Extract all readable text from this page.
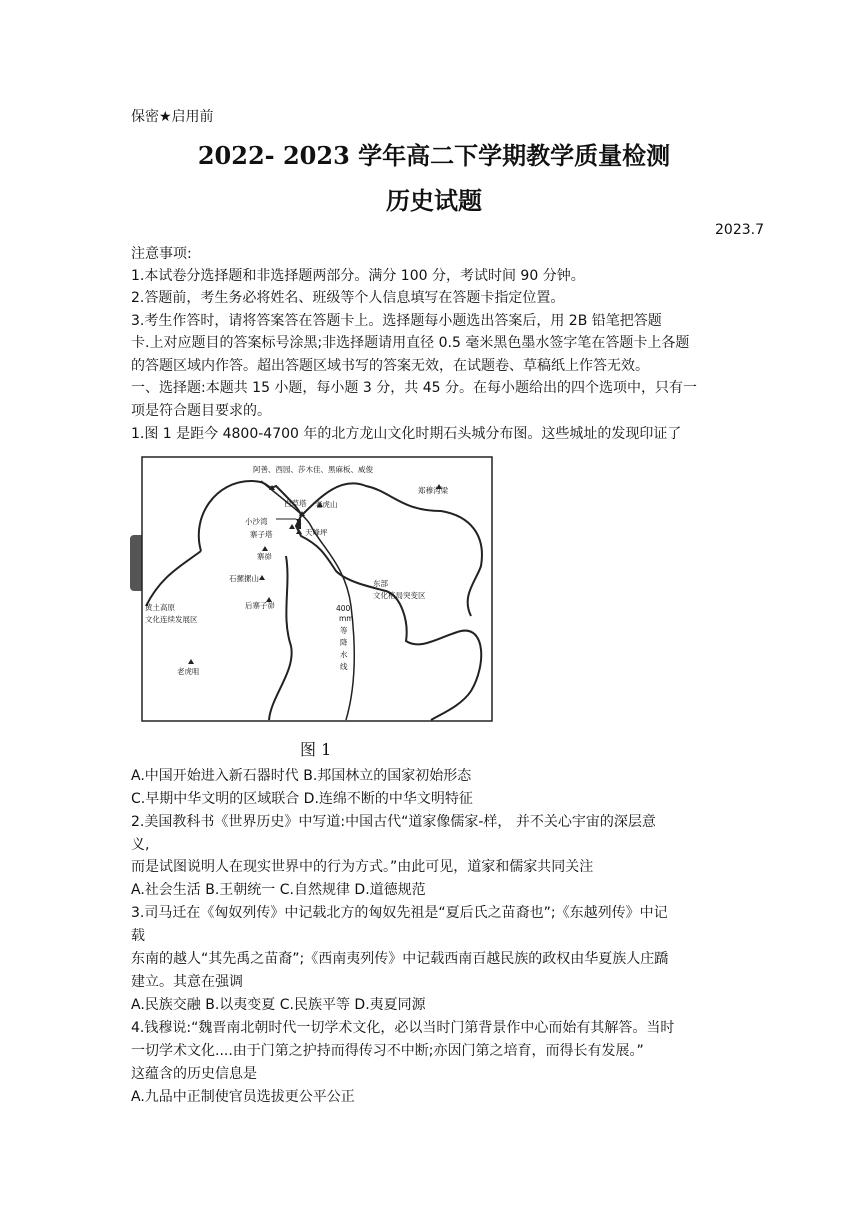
保密★启用前
2022- 2023 学年高二下学期教学质量检测
历史试题
2023.7
注意事项:
1.本试卷分选择题和非选择题两部分。满分 100 分，考试时间 90 分钟。
2.答题前，考生务必将姓名、班级等个人信息填写在答题卡指定位置。
3.考生作答时，请将答案答在答题卡上。选择题每小题选出答案后，用 2B 铅笔把答题
卡.上对应题目的答案标号涂黑;非选择题请用直径 0.5 毫米黑色墨水签字笔在答题卡上各题
的答题区域内作答。超出答题区域书写的答案无效，在试题卷、草稿纸上作答无效。
一、选择题:本题共 15 小题，每小题 3 分，共 45 分。在每小题给出的四个选项中，只有一
项是符合题目要求的。
1.图 1 是距今 4800-4700 年的北方龙山文化时期石头城分布图。这些城址的发现印证了
阿善、西园、莎木佳、黑麻板、威俊
郑穆沟梁
白草塔 老虎山
小沙湾
寨子塔	天峰坪
寨峁
石摞摞山
后寨子峁
黄土高原
文化连续发展区
东部
文化格局突变区
400
mm
等
降
水
线
老虎咀
图 1
A.中国开始进入新石器时代 B.邦国林立的国家初始形态
C.早期中华文明的区域联合 D.连绵不断的中华文明特征
2.美国教科书《世界历史》中写道:中国古代“道家像儒家-样， 并不关心宇宙的深层意
义,
而是试图说明人在现实世界中的行为方式。”由此可见，道家和儒家共同关注
A.社会生活 B.王朝统一 C.自然规律 D.道德规范
3.司马迁在《匈奴列传》中记载北方的匈奴先祖是“夏后氏之苗裔也”;《东越列传》中记
载
东南的越人“其先禹之苗裔”;《西南夷列传》中记载西南百越民族的政权由华夏族人庄蹻
建立。其意在强调
A.民族交融 B.以夷变夏 C.民族平等 D.夷夏同源
4.钱穆说:“魏晋南北朝时代一切学术文化，必以当时门第背景作中心而始有其解答。当时
一切学术文化....由于门第之护持而得传习不中断;亦因门第之培育，而得长有发展。”
这蕴含的历史信息是
A.九品中正制使官员选拔更公平公正
